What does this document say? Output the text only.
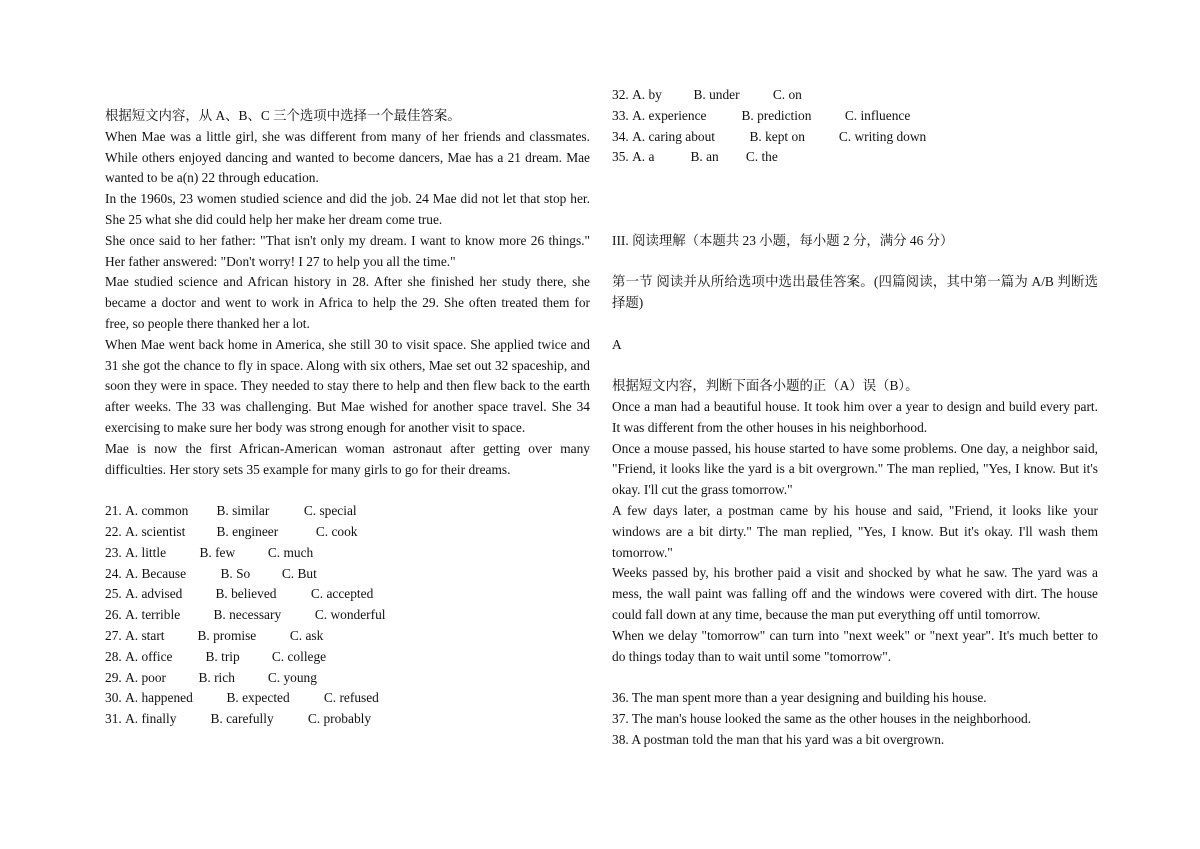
根据短文内容，从 A、B、C 三个选项中选择一个最佳答案。

When Mae was a little girl, she was different from many of her friends and classmates. While others enjoyed dancing and wanted to become dancers, Mae has a 21 dream. Mae wanted to be a(n) 22 through education.

In the 1960s, 23 women studied science and did the job. 24 Mae did not let that stop her. She 25 what she did could help her make her dream come true.

She once said to her father: "That isn't only my dream. I want to know more 26 things." Her father answered: "Don't worry! I 27 to help you all the time."

Mae studied science and African history in 28. After she finished her study there, she became a doctor and went to work in Africa to help the 29. She often treated them for free, so people there thanked her a lot.

When Mae went back home in America, she still 30 to visit space. She applied twice and 31 she got the chance to fly in space. Along with six others, Mae set out 32 spaceship, and soon they were in space. They needed to stay there to help and then flew back to the earth after weeks. The 33 was challenging. But Mae wished for another space travel. She 34 exercising to make sure her body was strong enough for another visit to space.

Mae is now the first African-American woman astronaut after getting over many difficulties. Her story sets 35 example for many girls to go for their dreams.

21. A. common B. similar	C. special
22. A. scientist B. engineer	C. cook
23. A. little B. few C. much
24. A. Because	B. So C. But
25. A. advised B. believed	C. accepted
26. A. terrible B. necessary	C. wonderful
27. A. start B. promise	C. ask
28. A. office B. trip C. college
29. A. poor B. rich C. young
30. A. happened	B. expected	C. refused
31. A. finally	B. carefully	C. probably
32. A. by B. under C. on
33. A. experience	B. prediction C. influence
34. A. caring about	B. kept on	C. writing down
35. A. a	B. an C. the

III. 阅读理解（本题共 23 小题，每小题 2 分，满分 46 分）

第一节 阅读并从所给选项中选出最佳答案。(四篇阅读，其中第一篇为 A/B 判断选择题)

A

根据短文内容，判断下面各小题的正（A）误（B）。

Once a man had a beautiful house. It took him over a year to design and build every part. It was different from the other houses in his neighborhood.

Once a mouse passed, his house started to have some problems. One day, a neighbor said, "Friend, it looks like the yard is a bit overgrown." The man replied, "Yes, I know. But it's okay. I'll cut the grass tomorrow."

A few days later, a postman came by his house and said, "Friend, it looks like your windows are a bit dirty." The man replied, "Yes, I know. But it's okay. I'll wash them tomorrow."

Weeks passed by, his brother paid a visit and shocked by what he saw. The yard was a mess, the wall paint was falling off and the windows were covered with dirt. The house could fall down at any time, because the man put everything off until tomorrow.

When we delay "tomorrow" can turn into "next week" or "next year". It's much better to do things today than to wait until some "tomorrow".

36. The man spent more than a year designing and building his house.

37. The man's house looked the same as the other houses in the neighborhood.

38. A postman told the man that his yard was a bit overgrown.
